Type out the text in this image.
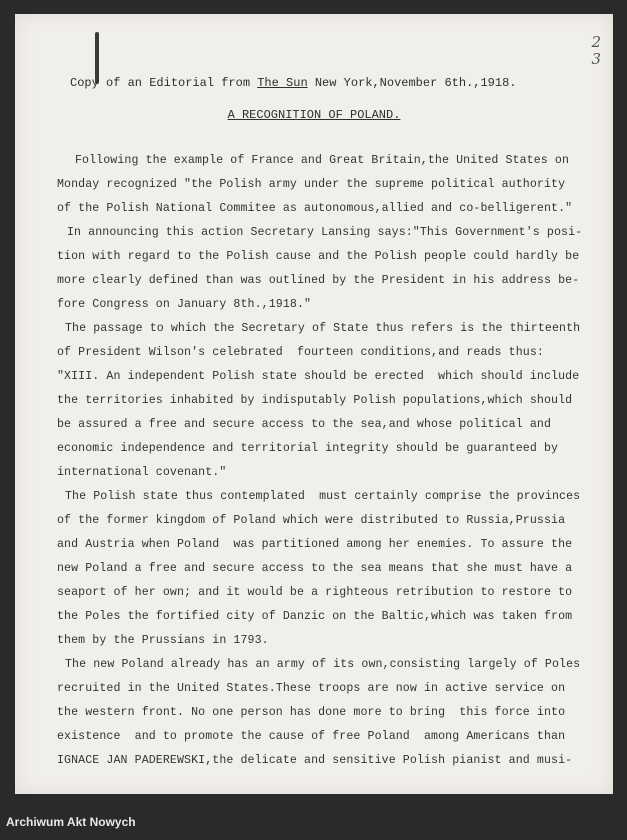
2
3
Copy of an Editorial from The Sun New York,November 6th.,1918.
A RECOGNITION OF POLAND.
Following the example of France and Great Britain,the United States on
Monday recognized "the Polish army under the supreme political authority
of the Polish National Commitee as autonomous,allied and co-belligerent."
In announcing this action Secretary Lansing says:"This Government's posi-
tion with regard to the Polish cause and the Polish people could hardly be
more clearly defined than was outlined by the President in his address be-
fore Congress on January 8th.,1918."
The passage to which the Secretary of State thus refers is the thirteenth
of President Wilson's celebrated  fourteen conditions,and reads thus:
"XIII. An independent Polish state should be erected  which should include
the territories inhabited by indisputably Polish populations,which should
be assured a free and secure access to the sea,and whose political and
economic independence and territorial integrity should be guaranteed by
international covenant."
The Polish state thus contemplated  must certainly comprise the provinces
of the former kingdom of Poland which were distributed to Russia,Prussia
and Austria when Poland  was partitioned among her enemies. To assure the
new Poland a free and secure access to the sea means that she must have a
seaport of her own; and it would be a righteous retribution to restore to
the Poles the fortified city of Danzic on the Baltic,which was taken from
them by the Prussians in 1793.
The new Poland already has an army of its own,consisting largely of Poles
recruited in the United States.These troops are now in active service on
the western front. No one person has done more to bring  this force into
existence  and to promote the cause of free Poland  among Americans than
IGNACE JAN PADEREWSKI,the delicate and sensitive Polish pianist and musi-
Archiwum Akt Nowych
